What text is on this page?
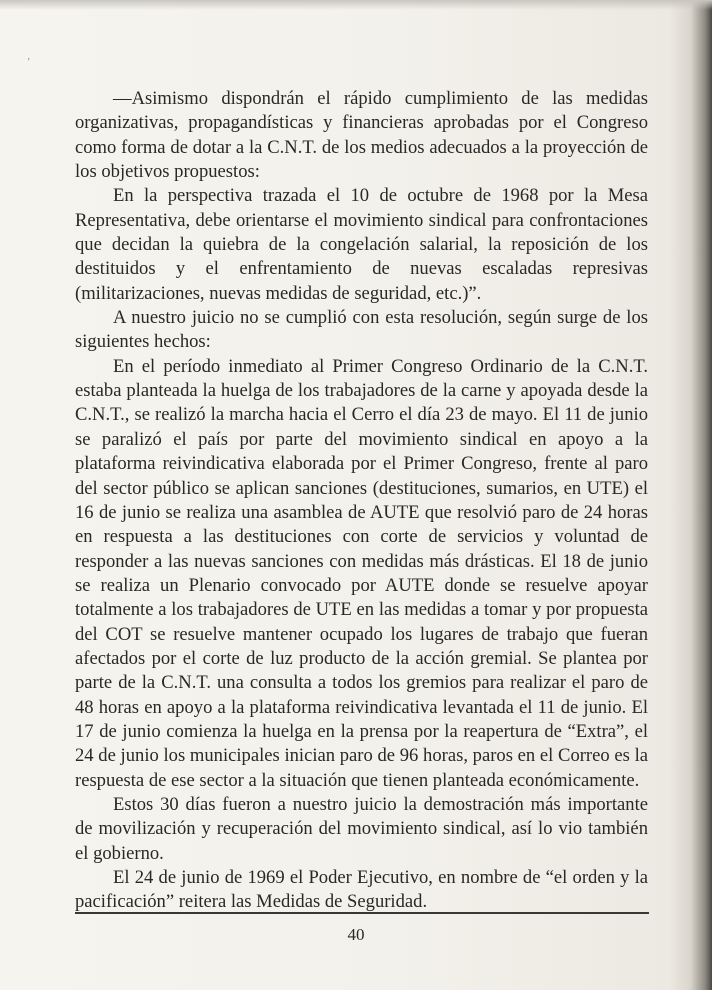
’

—Asimismo dispondrán el rápido cumplimiento de las medidas organizativas, propagandísticas y financieras aprobadas por el Congreso como forma de dotar a la C.N.T. de los medios adecuados a la proyección de los objetivos propuestos:

En la perspectiva trazada el 10 de octubre de 1968 por la Mesa Representativa, debe orientarse el movimiento sindical para confrontaciones que decidan la quiebra de la congelación salarial, la reposición de los destituidos y el enfrentamiento de nuevas escaladas represivas (militarizaciones, nuevas medidas de seguridad, etc.)”.

A nuestro juicio no se cumplió con esta resolución, según surge de los siguientes hechos:

En el período inmediato al Primer Congreso Ordinario de la C.N.T. estaba planteada la huelga de los trabajadores de la carne y apoyada desde la C.N.T., se realizó la marcha hacia el Cerro el día 23 de mayo. El 11 de junio se paralizó el país por parte del movimiento sindical en apoyo a la plataforma reivindicativa elaborada por el Primer Congreso, frente al paro del sector público se aplican sanciones (destituciones, sumarios, en UTE) el 16 de junio se realiza una asamblea de AUTE que resolvió paro de 24 horas en respuesta a las destituciones con corte de servicios y voluntad de responder a las nuevas sanciones con medidas más drásticas. El 18 de junio se realiza un Plenario convocado por AUTE donde se resuelve apoyar totalmente a los trabajadores de UTE en las medidas a tomar y por propuesta del COT se resuelve mantener ocupado los lugares de trabajo que fueran afectados por el corte de luz producto de la acción gremial. Se plantea por parte de la C.N.T. una consulta a todos los gremios para realizar el paro de 48 horas en apoyo a la plataforma reivindicativa levantada el 11 de junio. El 17 de junio comienza la huelga en la prensa por la reapertura de “Extra”, el 24 de junio los municipales inician paro de 96 horas, paros en el Correo es la respuesta de ese sector a la situación que tienen planteada económicamente.

Estos 30 días fueron a nuestro juicio la demostración más importante de movilización y recuperación del movimiento sindical, así lo vio también el gobierno.

El 24 de junio de 1969 el Poder Ejecutivo, en nombre de “el orden y la pacificación” reitera las Medidas de Seguridad.

40
